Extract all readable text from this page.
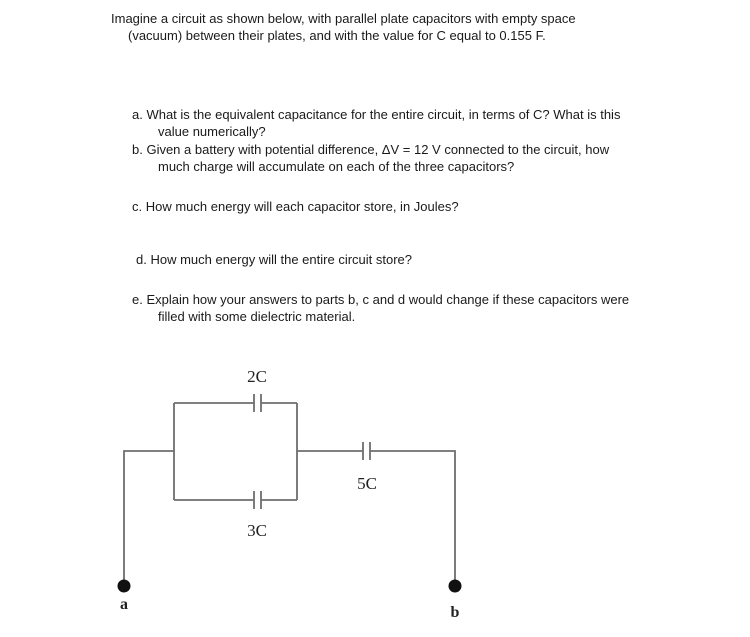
Imagine a circuit as shown below, with parallel plate capacitors with empty space

(vacuum) between their plates, and with the value for C equal to 0.155 F.

a. What is the equivalent capacitance for the entire circuit, in terms of C? What is this

value numerically?

b. Given a battery with potential difference, ΔV = 12 V connected to the circuit, how

much charge will accumulate on each of the three capacitors?

c. How much energy will each capacitor store, in Joules?

d. How much energy will the entire circuit store?

e. Explain how your answers to parts b, c and d would change if these capacitors were

filled with some dielectric material.

2C
3C
5C
a	b
